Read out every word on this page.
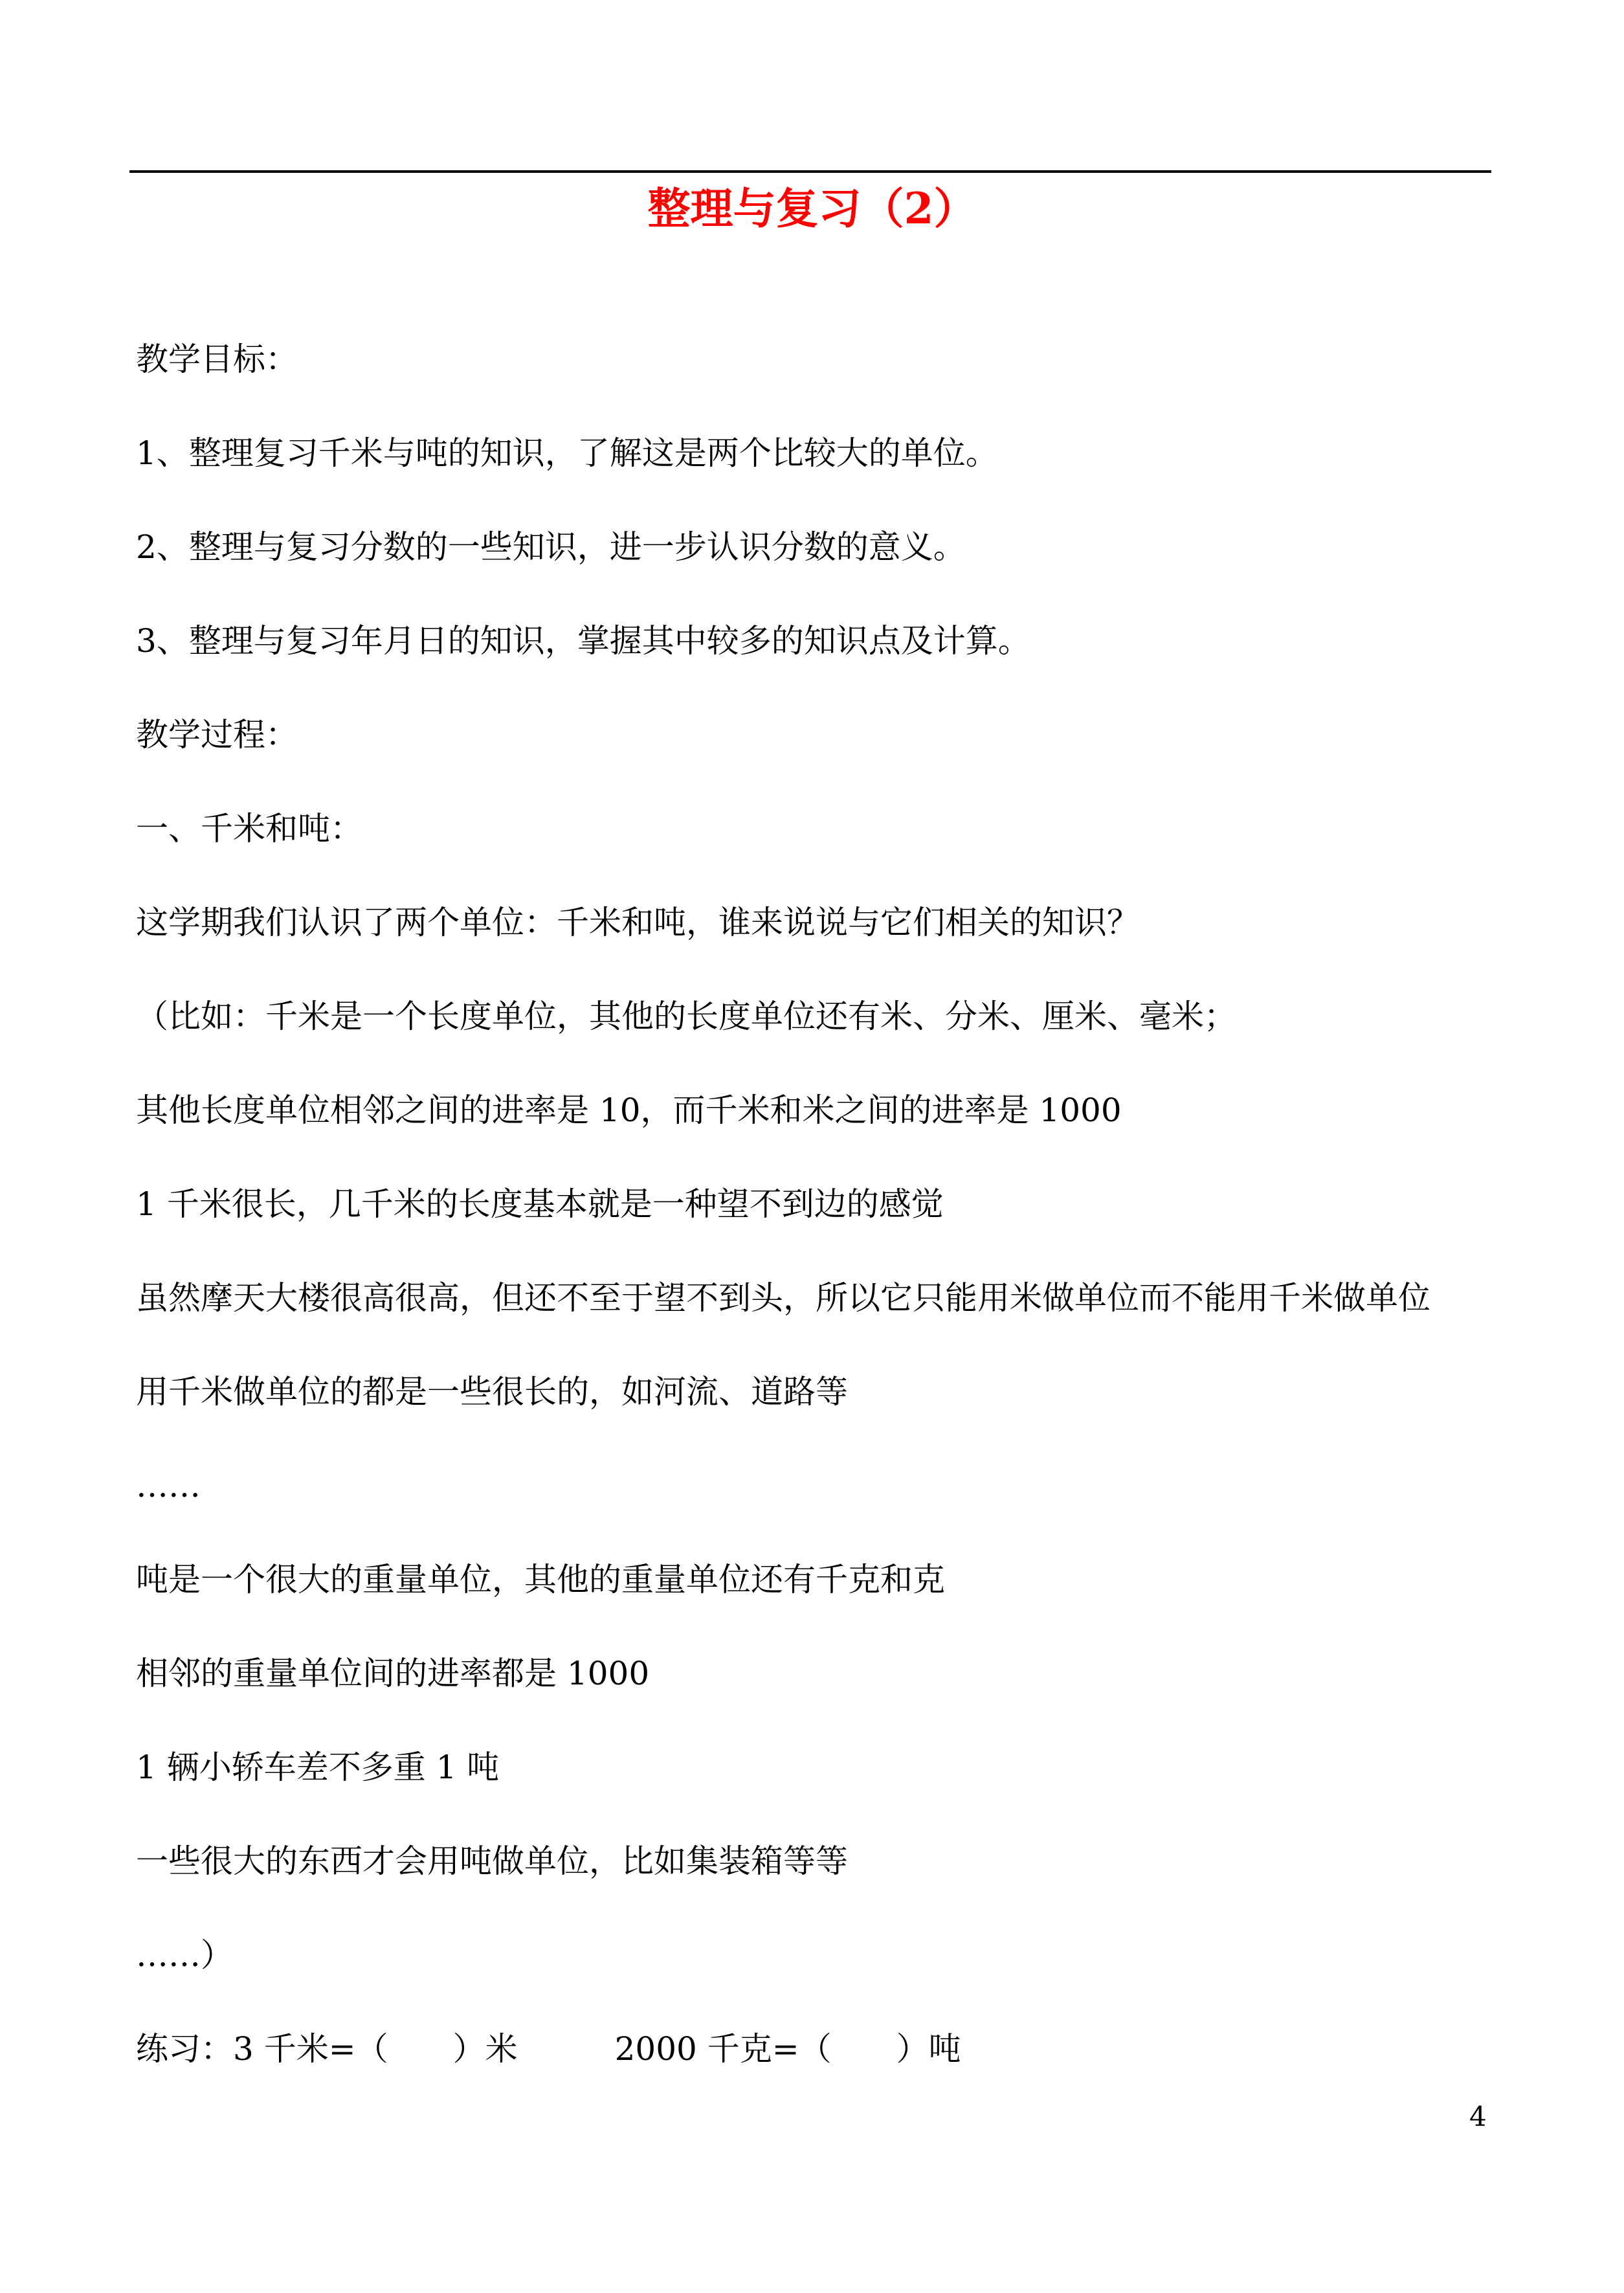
整理与复习（2）
教学目标：
1、整理复习千米与吨的知识，了解这是两个比较大的单位。
2、整理与复习分数的一些知识，进一步认识分数的意义。
3、整理与复习年月日的知识，掌握其中较多的知识点及计算。
教学过程：
一、千米和吨：
这学期我们认识了两个单位：千米和吨，谁来说说与它们相关的知识？
（比如：千米是一个长度单位，其他的长度单位还有米、分米、厘米、毫米；
其他长度单位相邻之间的进率是 10，而千米和米之间的进率是 1000
1 千米很长，几千米的长度基本就是一种望不到边的感觉
虽然摩天大楼很高很高，但还不至于望不到头，所以它只能用米做单位而不能用千米做单位
用千米做单位的都是一些很长的，如河流、道路等
……
吨是一个很大的重量单位，其他的重量单位还有千克和克
相邻的重量单位间的进率都是 1000
1 辆小轿车差不多重 1 吨
一些很大的东西才会用吨做单位，比如集装箱等等
……）
练习：3 千米=（　　）米　　　2000 千克=（　　）吨
4
